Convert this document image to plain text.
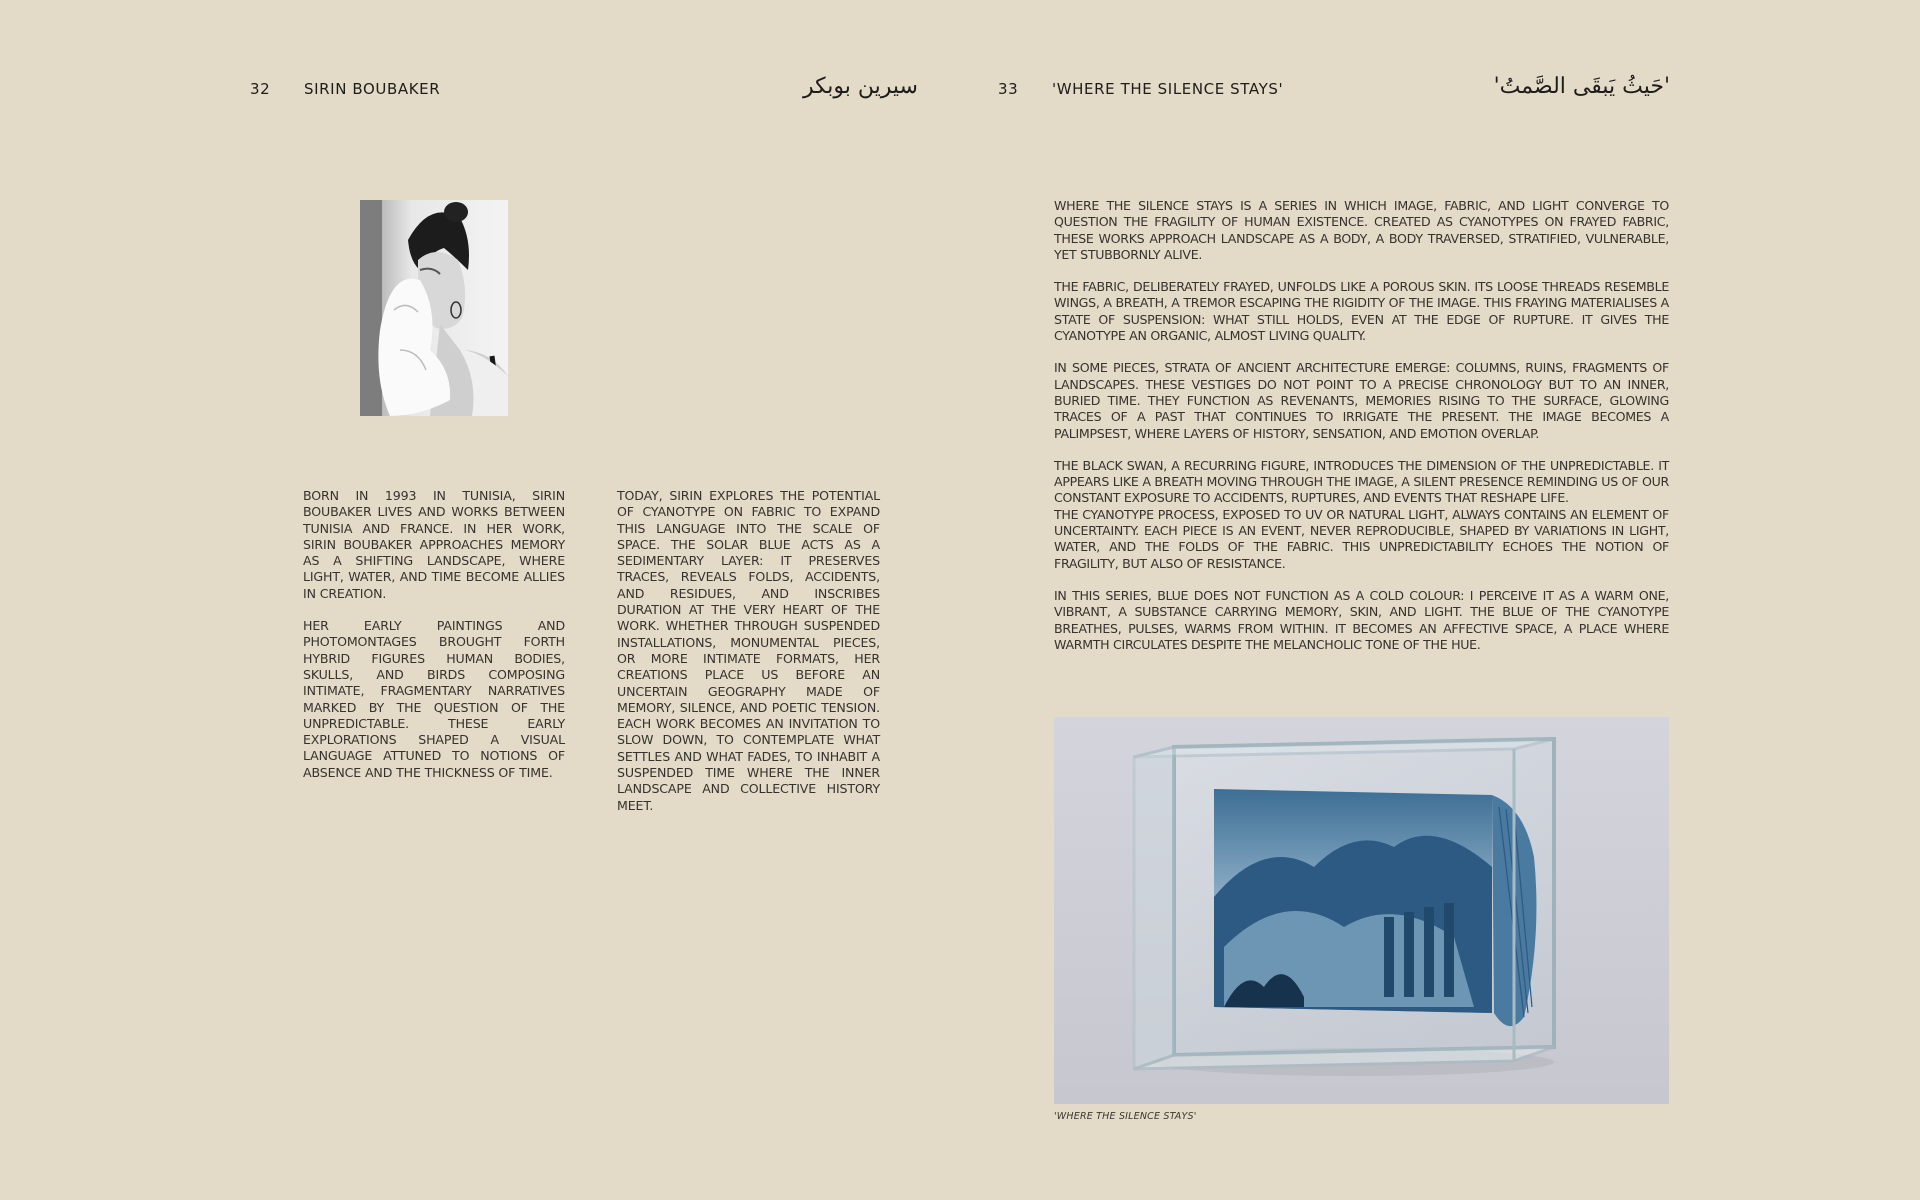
32 SIRIN BOUBAKER	سيرين بوبكر	33 'WHERE THE SILENCE STAYS'	'حَيثُ يَبقَى الصَّمتُ'

BORN IN 1993 IN TUNISIA, SIRIN BOUBAKER LIVES AND WORKS BETWEEN TUNISIA AND FRANCE. IN HER WORK, SIRIN BOUBAKER APPROACHES MEMORY AS A SHIFTING LANDSCAPE, WHERE LIGHT, WATER, AND TIME BECOME ALLIES IN CREATION.

HER EARLY PAINTINGS AND PHOTOMONTAGES BROUGHT FORTH HYBRID FIGURES HUMAN BODIES, SKULLS, AND BIRDS COMPOSING INTIMATE, FRAGMENTARY NARRATIVES MARKED BY THE QUESTION OF THE UNPREDICTABLE. THESE EARLY EXPLORATIONS SHAPED A VISUAL LANGUAGE ATTUNED TO NOTIONS OF ABSENCE AND THE THICKNESS OF TIME.

TODAY, SIRIN EXPLORES THE POTENTIAL OF CYANOTYPE ON FABRIC TO EXPAND THIS LANGUAGE INTO THE SCALE OF SPACE. THE SOLAR BLUE ACTS AS A SEDIMENTARY LAYER: IT PRESERVES TRACES, REVEALS FOLDS, ACCIDENTS, AND RESIDUES, AND INSCRIBES DURATION AT THE VERY HEART OF THE WORK. WHETHER THROUGH SUSPENDED INSTALLATIONS, MONUMENTAL PIECES, OR MORE INTIMATE FORMATS, HER CREATIONS PLACE US BEFORE AN UNCERTAIN GEOGRAPHY MADE OF MEMORY, SILENCE, AND POETIC TENSION. EACH WORK BECOMES AN INVITATION TO SLOW DOWN, TO CONTEMPLATE WHAT SETTLES AND WHAT FADES, TO INHABIT A SUSPENDED TIME WHERE THE INNER LANDSCAPE AND COLLECTIVE HISTORY MEET.

WHERE THE SILENCE STAYS IS A SERIES IN WHICH IMAGE, FABRIC, AND LIGHT CONVERGE TO QUESTION THE FRAGILITY OF HUMAN EXISTENCE. CREATED AS CYANOTYPES ON FRAYED FABRIC, THESE WORKS APPROACH LANDSCAPE AS A BODY, A BODY TRAVERSED, STRATIFIED, VULNERABLE, YET STUBBORNLY ALIVE.

THE FABRIC, DELIBERATELY FRAYED, UNFOLDS LIKE A POROUS SKIN. ITS LOOSE THREADS RESEMBLE WINGS, A BREATH, A TREMOR ESCAPING THE RIGIDITY OF THE IMAGE. THIS FRAYING MATERIALISES A STATE OF SUSPENSION: WHAT STILL HOLDS, EVEN AT THE EDGE OF RUPTURE. IT GIVES THE CYANOTYPE AN ORGANIC, ALMOST LIVING QUALITY.

IN SOME PIECES, STRATA OF ANCIENT ARCHITECTURE EMERGE: COLUMNS, RUINS, FRAGMENTS OF LANDSCAPES. THESE VESTIGES DO NOT POINT TO A PRECISE CHRONOLOGY BUT TO AN INNER, BURIED TIME. THEY FUNCTION AS REVENANTS, MEMORIES RISING TO THE SURFACE, GLOWING TRACES OF A PAST THAT CONTINUES TO IRRIGATE THE PRESENT. THE IMAGE BECOMES A PALIMPSEST, WHERE LAYERS OF HISTORY, SENSATION, AND EMOTION OVERLAP.

THE BLACK SWAN, A RECURRING FIGURE, INTRODUCES THE DIMENSION OF THE UNPREDICTABLE. IT APPEARS LIKE A BREATH MOVING THROUGH THE IMAGE, A SILENT PRESENCE REMINDING US OF OUR CONSTANT EXPOSURE TO ACCIDENTS, RUPTURES, AND EVENTS THAT RESHAPE LIFE.

THE CYANOTYPE PROCESS, EXPOSED TO UV OR NATURAL LIGHT, ALWAYS CONTAINS AN ELEMENT OF UNCERTAINTY. EACH PIECE IS AN EVENT, NEVER REPRODUCIBLE, SHAPED BY VARIATIONS IN LIGHT, WATER, AND THE FOLDS OF THE FABRIC. THIS UNPREDICTABILITY ECHOES THE NOTION OF FRAGILITY, BUT ALSO OF RESISTANCE.

IN THIS SERIES, BLUE DOES NOT FUNCTION AS A COLD COLOUR: I PERCEIVE IT AS A WARM ONE, VIBRANT, A SUBSTANCE CARRYING MEMORY, SKIN, AND LIGHT. THE BLUE OF THE CYANOTYPE BREATHES, PULSES, WARMS FROM WITHIN. IT BECOMES AN AFFECTIVE SPACE, A PLACE WHERE WARMTH CIRCULATES DESPITE THE MELANCHOLIC TONE OF THE HUE.

'WHERE THE SILENCE STAYS'
